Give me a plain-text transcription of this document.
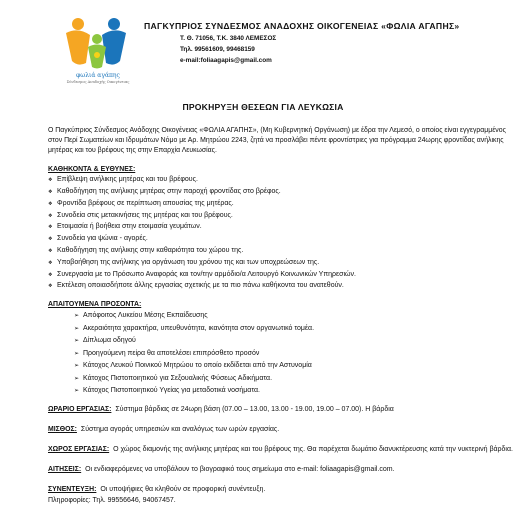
φωλιά αγάπης
Σύνδεσμος Αναδοχής Οικογένειας
ΠΑΓΚΥΠΡΙΟΣ ΣΥΝΔΕΣΜΟΣ ΑΝΑΔΟΧΗΣ ΟΙΚΟΓΕΝΕΙΑΣ «ΦΩΛΙΑ ΑΓΑΠΗΣ»
Τ. Θ. 71056, Τ.Κ. 3840 ΛΕΜΕΣΟΣ
Τηλ. 99561609, 99468159
e-mail:foliaagapis@gmail.com
ΠΡΟΚΗΡΥΞΗ ΘΕΣΕΩΝ ΓΙΑ ΛΕΥΚΩΣΙΑ

Ο Παγκύπριος Σύνδεσμος Ανάδοχης Οικογένειας «ΦΩΛΙΑ ΑΓΑΠΗΣ», (Μη Κυβερνητική Οργάνωση) με έδρα την Λεμεσό, ο οποίος είναι εγγεγραμμένος στον Περί Σωματείων και Ιδρυμάτων Νόμο με Αρ. Μητρώου 2243, ζητά να προσλάβει πέντε φροντίστριες για πρόγραμμα 24ωρης φροντίδας ανήλικης μητέρας και του βρέφους της στην Επαρχία Λευκωσίας.

ΚΑΘΗΚΟΝΤΑ & ΕΥΘΥΝΕΣ:
❖ Επίβλεψη ανήλικης μητέρας και του βρέφους.
❖ Καθοδήγηση της ανήλικης μητέρας στην παροχή φροντίδας στο βρέφος.
❖ Φροντίδα βρέφους σε περίπτωση απουσίας της μητέρας.
❖ Συνοδεία στις μετακινήσεις της μητέρας και του βρέφους.
❖ Ετοιμασία ή βοήθεια στην ετοιμασία γευμάτων.
❖ Συνοδεία για ψώνια - αγορές.
❖ Καθοδήγηση της ανήλικης στην καθαριότητα του χώρου της.
❖ Υποβοήθηση της ανήλικης για οργάνωση του χρόνου της και των υποχρεώσεων της.
❖ Συνεργασία με το Πρόσωπο Αναφοράς και τον/την αρμόδιο/α Λειτουργό Κοινωνικών Υπηρεσιών.
❖ Εκτέλεση οποιασδήποτε άλλης εργασίας σχετικής με τα πιο πάνω καθήκοντα του ανατεθούν.
ΑΠΑΙΤΟΥΜΕΝΑ ΠΡΟΣΟΝΤΑ:
➢ Απόφοιτος Λυκείου Μέσης Εκπαίδευσης
➢ Ακεραιότητα χαρακτήρα, υπευθυνότητα, ικανότητα στον οργανωτικό τομέα.
➢ Δίπλωμα οδηγού
➢ Προηγούμενη πείρα θα αποτελέσει επιπρόσθετο προσόν
➢ Κάτοχος Λευκού Ποινικού Μητρώου το οποίο εκδίδεται από την Αστυνομία
➢ Κάτοχος Πιστοποιητικού για Σεξουαλικής Φύσεως Αδικήματα.
➢ Κάτοχος Πιστοποιητικού Υγείας για μεταδοτικά νοσήματα.

ΩΡΑΡΙΟ ΕΡΓΑΣΙΑΣ: Σύστημα βάρδιας σε 24ωρη βάση (07.00 – 13.00, 13.00 - 19.00, 19.00 – 07.00). Η βάρδια

ΜΙΣΘΟΣ: Σύστημα αγοράς υπηρεσιών και αναλόγως των ωρών εργασίας.

ΧΩΡΟΣ ΕΡΓΑΣΙΑΣ: Ο χώρος διαμονής της ανήλικης μητέρας και του βρέφους της. Θα παρέχεται δωμάτιο διανυκτέρευσης κατά την νυκτερινή βάρδια.

ΑΙΤΗΣΕΙΣ: Οι ενδιαφερόμενες να υποβάλουν το βιογραφικό τους σημείωμα στο e-mail: foliaagapis@gmail.com.

ΣΥΝΕΝΤΕΥΞΗ: Οι υποψήφιες θα κληθούν σε προφορική συνέντευξη.
Πληροφορίες: Τηλ. 99556646, 94067457.
